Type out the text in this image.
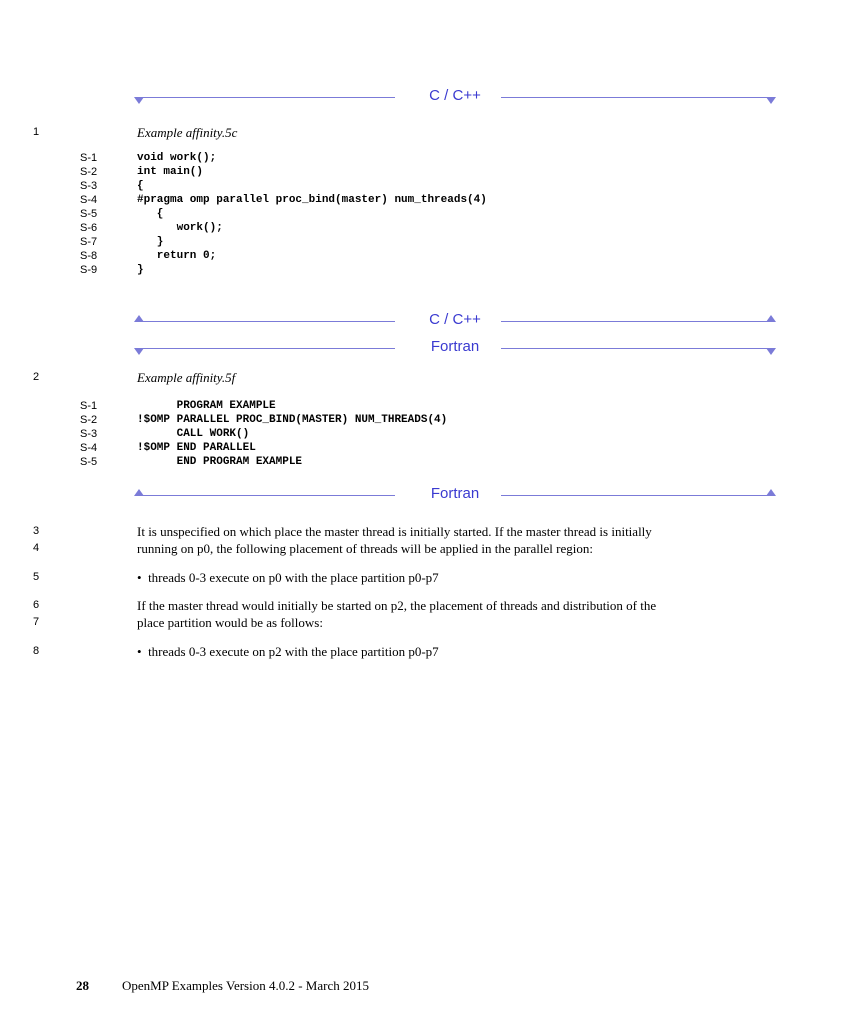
C / C++
1	Example affinity.5c
S-1	void work();
S-2	int main()
S-3	{
S-4	#pragma omp parallel proc_bind(master) num_threads(4)
S-5	{
S-6	work();
S-7	}
S-8	return 0;
S-9	}
C / C++
Fortran
2	Example affinity.5f
S-1	PROGRAM EXAMPLE
S-2	!$OMP PARALLEL PROC_BIND(MASTER) NUM_THREADS(4)
S-3	CALL WORK()
S-4	!$OMP END PARALLEL
S-5	END PROGRAM EXAMPLE
Fortran
3
4
It is unspecified on which place the master thread is initially started. If the master thread is initially
running on p0, the following placement of threads will be applied in the parallel region:
5	• threads 0-3 execute on p0 with the place partition p0-p7
6
7
If the master thread would initially be started on p2, the placement of threads and distribution of the
place partition would be as follows:
8	• threads 0-3 execute on p2 with the place partition p0-p7
28	OpenMP Examples Version 4.0.2 - March 2015
